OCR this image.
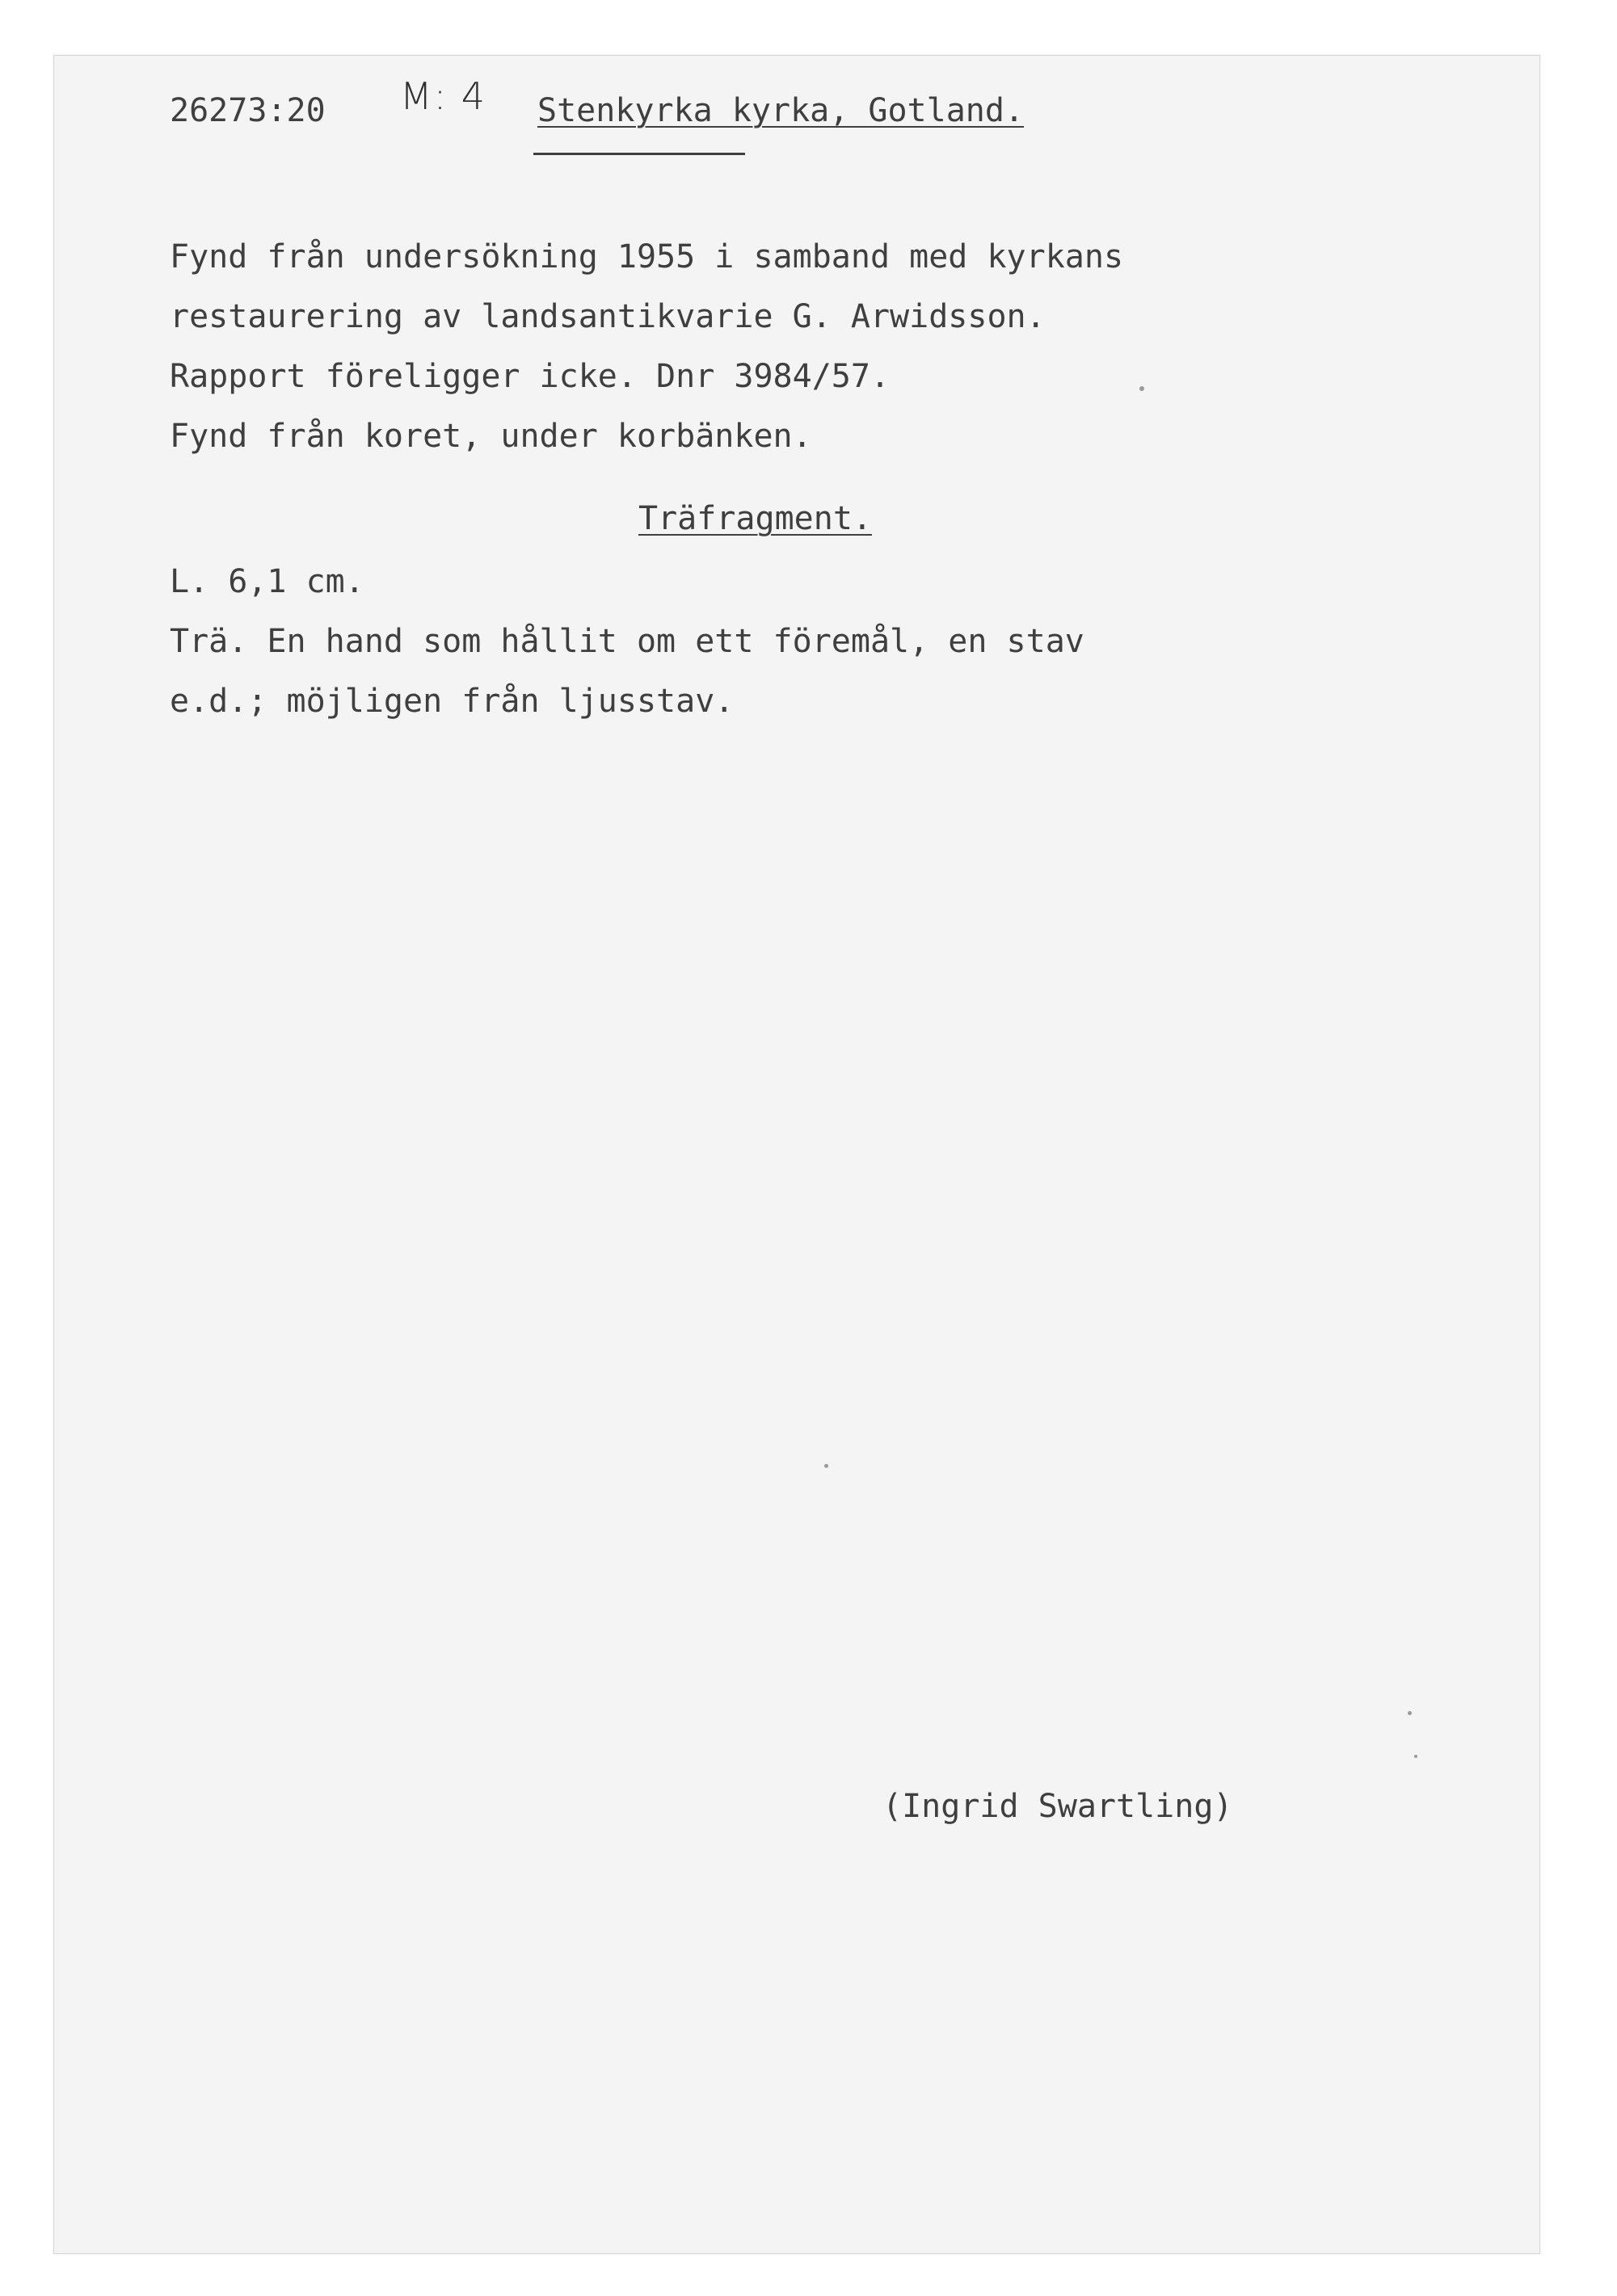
26273:20 M: 4 Stenkyrka kyrka, Gotland.
Fynd från undersökning 1955 i samband med kyrkans
restaurering av landsantikvarie G. Arwidsson.
Rapport föreligger icke. Dnr 3984/57.
Fynd från koret, under korbänken.
Träfragment.
L. 6,1 cm.
Trä. En hand som hållit om ett föremål, en stav
e.d.; möjligen från ljusstav.
(Ingrid Swartling)
